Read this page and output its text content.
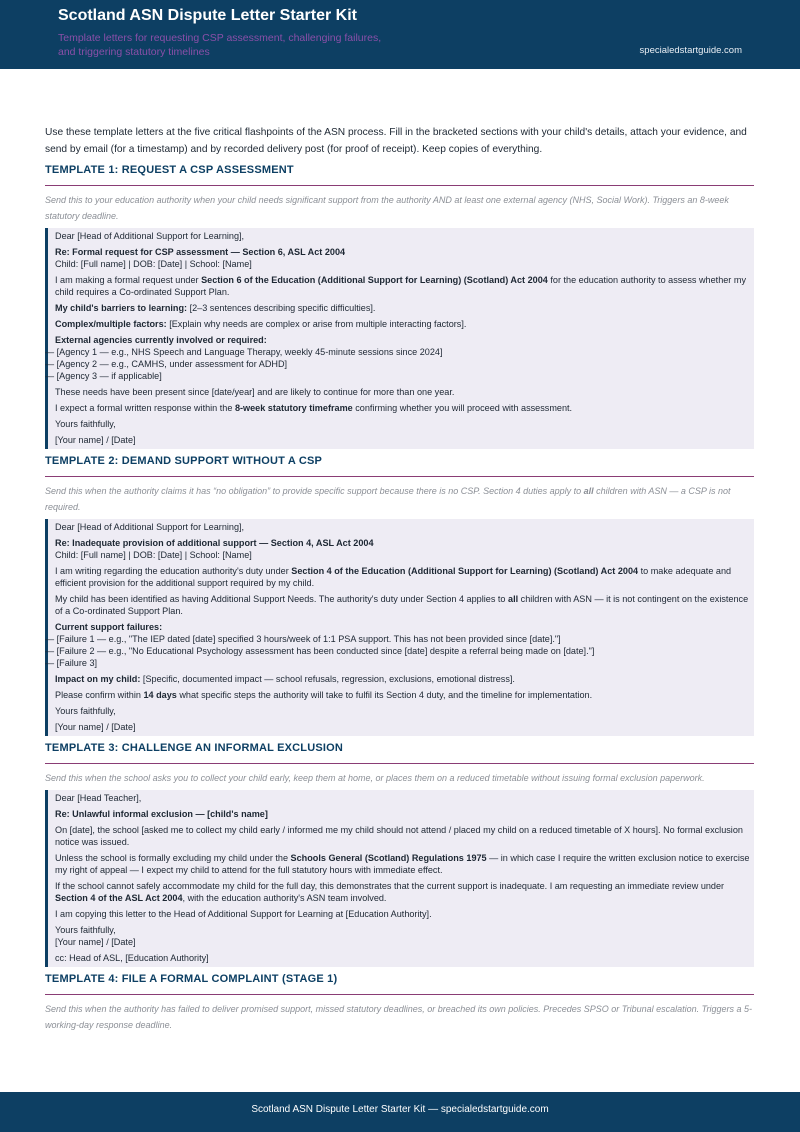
Scotland ASN Dispute Letter Starter Kit
Template letters for requesting CSP assessment, challenging failures,
and triggering statutory timelines	specialedstartguide.com

Use these template letters at the five critical flashpoints of the ASN process. Fill in the bracketed sections with your child's details, attach your evidence, and send by email (for a timestamp) and by recorded delivery post (for proof of receipt). Keep copies of everything.

TEMPLATE 1: REQUEST A CSP ASSESSMENT
Send this to your education authority when your child needs significant support from the authority AND at least one external agency (NHS, Social Work). Triggers an 8-week statutory deadline.
Dear [Head of Additional Support for Learning],
Re: Formal request for CSP assessment — Section 6, ASL Act 2004
Child: [Full name] | DOB: [Date] | School: [Name]
I am making a formal request under Section 6 of the Education (Additional Support for Learning) (Scotland) Act 2004 for the education authority to assess whether my child requires a Co-ordinated Support Plan.
My child's barriers to learning: [2–3 sentences describing specific difficulties].
Complex/multiple factors: [Explain why needs are complex or arise from multiple interacting factors].
External agencies currently involved or required:
— [Agency 1 — e.g., NHS Speech and Language Therapy, weekly 45-minute sessions since 2024]
— [Agency 2 — e.g., CAMHS, under assessment for ADHD]
— [Agency 3 — if applicable]
These needs have been present since [date/year] and are likely to continue for more than one year.
I expect a formal written response within the 8-week statutory timeframe confirming whether you will proceed with assessment.
Yours faithfully,
[Your name] / [Date]
TEMPLATE 2: DEMAND SUPPORT WITHOUT A CSP
Send this when the authority claims it has “no obligation” to provide specific support because there is no CSP. Section 4 duties apply to all children with ASN — a CSP is not required.
Dear [Head of Additional Support for Learning],
Re: Inadequate provision of additional support — Section 4, ASL Act 2004
Child: [Full name] | DOB: [Date] | School: [Name]
I am writing regarding the education authority's duty under Section 4 of the Education (Additional Support for Learning) (Scotland) Act 2004 to make adequate and efficient provision for the additional support required by my child.
My child has been identified as having Additional Support Needs. The authority's duty under Section 4 applies to all children with ASN — it is not contingent on the existence of a Co-ordinated Support Plan.
Current support failures:
— [Failure 1 — e.g., "The IEP dated [date] specified 3 hours/week of 1:1 PSA support. This has not been provided since [date]."]
— [Failure 2 — e.g., "No Educational Psychology assessment has been conducted since [date] despite a referral being made on [date]."]
— [Failure 3]
Impact on my child: [Specific, documented impact — school refusals, regression, exclusions, emotional distress].
Please confirm within 14 days what specific steps the authority will take to fulfil its Section 4 duty, and the timeline for implementation.
Yours faithfully,
[Your name] / [Date]
TEMPLATE 3: CHALLENGE AN INFORMAL EXCLUSION
Send this when the school asks you to collect your child early, keep them at home, or places them on a reduced timetable without issuing formal exclusion paperwork.
Dear [Head Teacher],
Re: Unlawful informal exclusion — [child's name]
On [date], the school [asked me to collect my child early / informed me my child should not attend / placed my child on a reduced timetable of X hours]. No formal exclusion notice was issued.
Unless the school is formally excluding my child under the Schools General (Scotland) Regulations 1975 — in which case I require the written exclusion notice to exercise my right of appeal — I expect my child to attend for the full statutory hours with immediate effect.
If the school cannot safely accommodate my child for the full day, this demonstrates that the current support is inadequate. I am requesting an immediate review under Section 4 of the ASL Act 2004, with the education authority's ASN team involved.
I am copying this letter to the Head of Additional Support for Learning at [Education Authority].
Yours faithfully,
[Your name] / [Date]
cc: Head of ASL, [Education Authority]
TEMPLATE 4: FILE A FORMAL COMPLAINT (STAGE 1)
Send this when the authority has failed to deliver promised support, missed statutory deadlines, or breached its own policies. Precedes SPSO or Tribunal escalation. Triggers a 5-working-day response deadline.
Scotland ASN Dispute Letter Starter Kit — specialedstartguide.com
